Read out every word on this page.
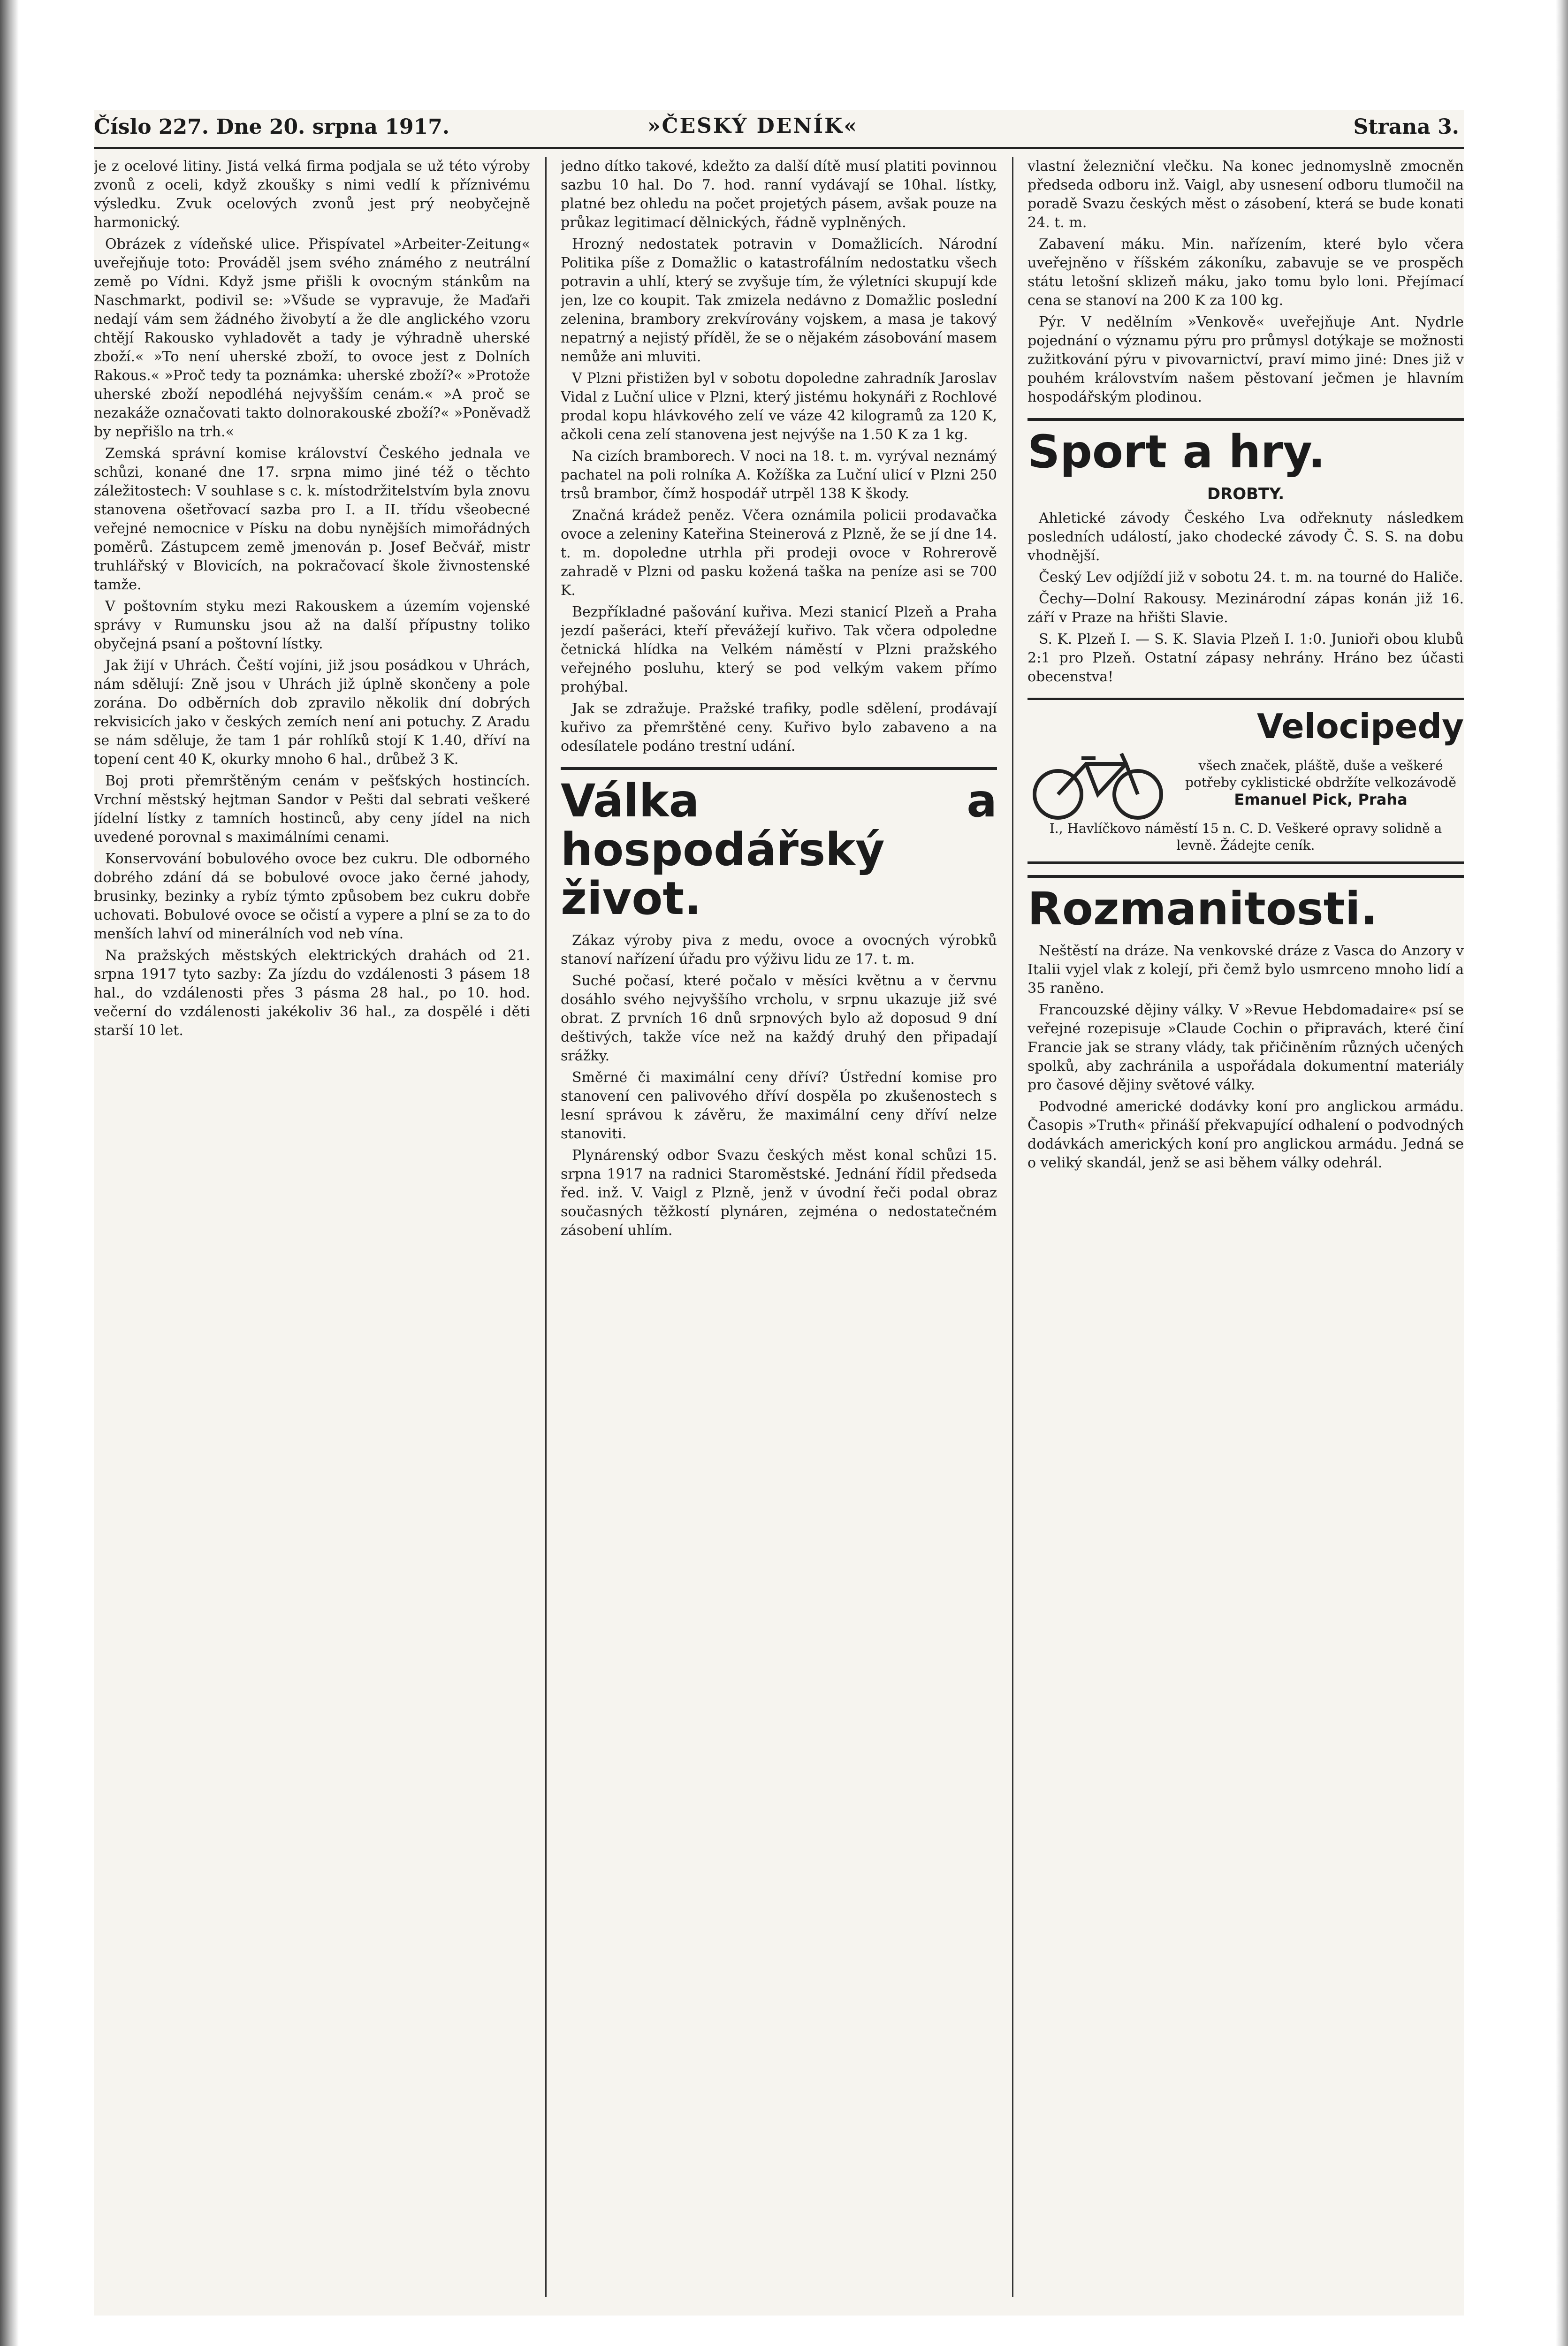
Číslo 227. Dne 20. srpna 1917.	»ČESKÝ DENÍK«	Strana 3.

je z ocelové litiny. Jistá velká firma podjala se už této výroby zvonů z oceli, když zkoušky s nimi vedlí k příznivému výsledku. Zvuk ocelových zvonů jest prý neobyčejně harmonický.

Obrázek z vídeňské ulice. Přispívatel »Arbeiter-Zeitung« uveřejňuje toto: Prováděl jsem svého známého z neutrální země po Vídni. Když jsme přišli k ovocným stánkům na Naschmarkt, podivil se: »Všude se vypravuje, že Maďaři nedají vám sem žádného živobytí a že dle anglického vzoru chtějí Rakousko vyhladovět a tady je výhradně uherské zboží.« »To není uherské zboží, to ovoce jest z Dolních Rakous.« »Proč tedy ta poznámka: uherské zboží?« »Protože uherské zboží nepodléhá nejvyšším cenám.« »A proč se nezakáže označovati takto dolnorakouské zboží?« »Poněvadž by nepřišlo na trh.«

Zemská správní komise království Českého jednala ve schůzi, konané dne 17. srpna mimo jiné též o těchto záležitostech: V souhlase s c. k. místodržitelstvím byla znovu stanovena ošetřovací sazba pro I. a II. třídu všeobecné veřejné nemocnice v Písku na dobu nynějších mimořádných poměrů. Zástupcem země jmenován p. Josef Bečvář, mistr truhlářský v Blovicích, na pokračovací škole živnostenské tamže.

V poštovním styku mezi Rakouskem a územím vojenské správy v Rumunsku jsou až na další přípustny toliko obyčejná psaní a poštovní lístky.

Jak žijí v Uhrách. Čeští vojíni, již jsou posádkou v Uhrách, nám sdělují: Zně jsou v Uhrách již úplně skončeny a pole zorána. Do odběrních dob zpravilo několik dní dobrých rekvisicích jako v českých zemích není ani potuchy. Z Aradu se nám sděluje, že tam 1 pár rohlíků stojí K 1.40, dříví na topení cent 40 K, okurky mnoho 6 hal., drůbež 3 K.

Boj proti přemrštěným cenám v pešťských hostincích. Vrchní městský hejtman Sandor v Pešti dal sebrati veškeré jídelní lístky z tamních hostinců, aby ceny jídel na nich uvedené porovnal s maximálními cenami.

Konservování bobulového ovoce bez cukru. Dle odborného dobrého zdání dá se bobulové ovoce jako černé jahody, brusinky, bezinky a rybíz týmto způsobem bez cukru dobře uchovati. Bobulové ovoce se očistí a vypere a plní se za to do menších lahví od minerálních vod neb vína.

Na pražských městských elektrických drahách od 21. srpna 1917 tyto sazby: Za jízdu do vzdálenosti 3 pásem 18 hal., do vzdálenosti přes 3 pásma 28 hal., po 10. hod. večerní do vzdálenosti jakékoliv 36 hal., za dospělé i děti starší 10 let.

jedno dítko takové, kdežto za další dítě musí platiti povinnou sazbu 10 hal. Do 7. hod. ranní vydávají se 10hal. lístky, platné bez ohledu na počet projetých pásem, avšak pouze na průkaz legitimací dělnických, řádně vyplněných.

Hrozný nedostatek potravin v Domažlicích. Národní Politika píše z Domažlic o katastrofálním nedostatku všech potravin a uhlí, který se zvyšuje tím, že výletníci skupují kde jen, lze co koupit. Tak zmizela nedávno z Domažlic poslední zelenina, brambory zrekvírovány vojskem, a masa je takový nepatrný a nejistý příděl, že se o nějakém zásobování masem nemůže ani mluviti.

V Plzni přistižen byl v sobotu dopoledne zahradník Jaroslav Vidal z Luční ulice v Plzni, který jistému hokynáři z Rochlové prodal kopu hlávkového zelí ve váze 42 kilogramů za 120 K, ačkoli cena zelí stanovena jest nejvýše na 1.50 K za 1 kg.

Na cizích bramborech. V noci na 18. t. m. vyrýval neznámý pachatel na poli rolníka A. Kožíška za Luční ulicí v Plzni 250 trsů brambor, čímž hospodář utrpěl 138 K škody.

Značná krádež peněz. Včera oznámila policii prodavačka ovoce a zeleniny Kateřina Steinerová z Plzně, že se jí dne 14. t. m. dopoledne utrhla při prodeji ovoce v Rohrerově zahradě v Plzni od pasku kožená taška na peníze asi se 700 K.

Bezpříkladné pašování kuřiva. Mezi stanicí Plzeň a Praha jezdí pašeráci, kteří převážejí kuřivo. Tak včera odpoledne četnická hlídka na Velkém náměstí v Plzni pražského veřejného posluhu, který se pod velkým vakem přímo prohýbal.

Jak se zdražuje. Pražské trafiky, podle sdělení, prodávají kuřivo za přemrštěné ceny. Kuřivo bylo zabaveno a na odesílatele podáno trestní udání.

Válka a hospodářský život.

Zákaz výroby piva z medu, ovoce a ovocných výrobků stanoví nařízení úřadu pro výživu lidu ze 17. t. m.

Suché počasí, které počalo v měsíci květnu a v červnu dosáhlo svého nejvyššího vrcholu, v srpnu ukazuje již své obrat. Z prvních 16 dnů srpnových bylo až doposud 9 dní deštivých, takže více než na každý druhý den připadají srážky.

Směrné či maximální ceny dříví? Ústřední komise pro stanovení cen palivového dříví dospěla po zkušenostech s lesní správou k závěru, že maximální ceny dříví nelze stanoviti.

Plynárenský odbor Svazu českých měst konal schůzi 15. srpna 1917 na radnici Staroměstské. Jednání řídil předseda řed. inž. V. Vaigl z Plzně, jenž v úvodní řeči podal obraz současných těžkostí plynáren, zejména o nedostatečném zásobení uhlím.

vlastní železniční vlečku. Na konec jednomyslně zmocněn předseda odboru inž. Vaigl, aby usnesení odboru tlumočil na poradě Svazu českých měst o zásobení, která se bude konati 24. t. m.

Zabavení máku. Min. nařízením, které bylo včera uveřejněno v říšském zákoníku, zabavuje se ve prospěch státu letošní sklizeň máku, jako tomu bylo loni. Přejímací cena se stanoví na 200 K za 100 kg.

Pýr. V nedělním »Venkově« uveřejňuje Ant. Nydrle pojednání o významu pýru pro průmysl dotýkaje se možnosti zužitkování pýru v pivovarnictví, praví mimo jiné: Dnes již v pouhém královstvím našem pěstovaní ječmen je hlavním hospodářským plodinou.

Sport a hry.
DROBTY.

Ahletické závody Českého Lva odřeknuty následkem posledních událostí, jako chodecké závody Č. S. S. na dobu vhodnější.

Český Lev odjíždí již v sobotu 24. t. m. na tourné do Haliče.

Čechy—Dolní Rakousy. Mezinárodní zápas konán již 16. září v Praze na hřišti Slavie.

S. K. Plzeň I. — S. K. Slavia Plzeň I. 1:0. Junioři obou klubů 2:1 pro Plzeň. Ostatní zápasy nehrány. Hráno bez účasti obecenstva!

Velocipedy
všech značek, pláště, duše a veškeré potřeby cyklistické obdržíte velkozávodě
Emanuel Pick, Praha
I., Havlíčkovo náměstí 15 n. C. D. Veškeré opravy solidně a levně. Žádejte ceník.
Rozmanitosti.

Neštěstí na dráze. Na venkovské dráze z Vasca do Anzory v Italii vyjel vlak z kolejí, při čemž bylo usmrceno mnoho lidí a 35 raněno.

Francouzské dějiny války. V »Revue Hebdomadaire« psí se veřejné rozepisuje »Claude Cochin o připravách, které činí Francie jak se strany vlády, tak přičiněním různých učených spolků, aby zachránila a uspořádala dokumentní materiály pro časové dějiny světové války.

Podvodné americké dodávky koní pro anglickou armádu. Časopis »Truth« přináší překvapující odhalení o podvodných dodávkách amerických koní pro anglickou armádu. Jedná se o veliký skandál, jenž se asi během války odehrál.
